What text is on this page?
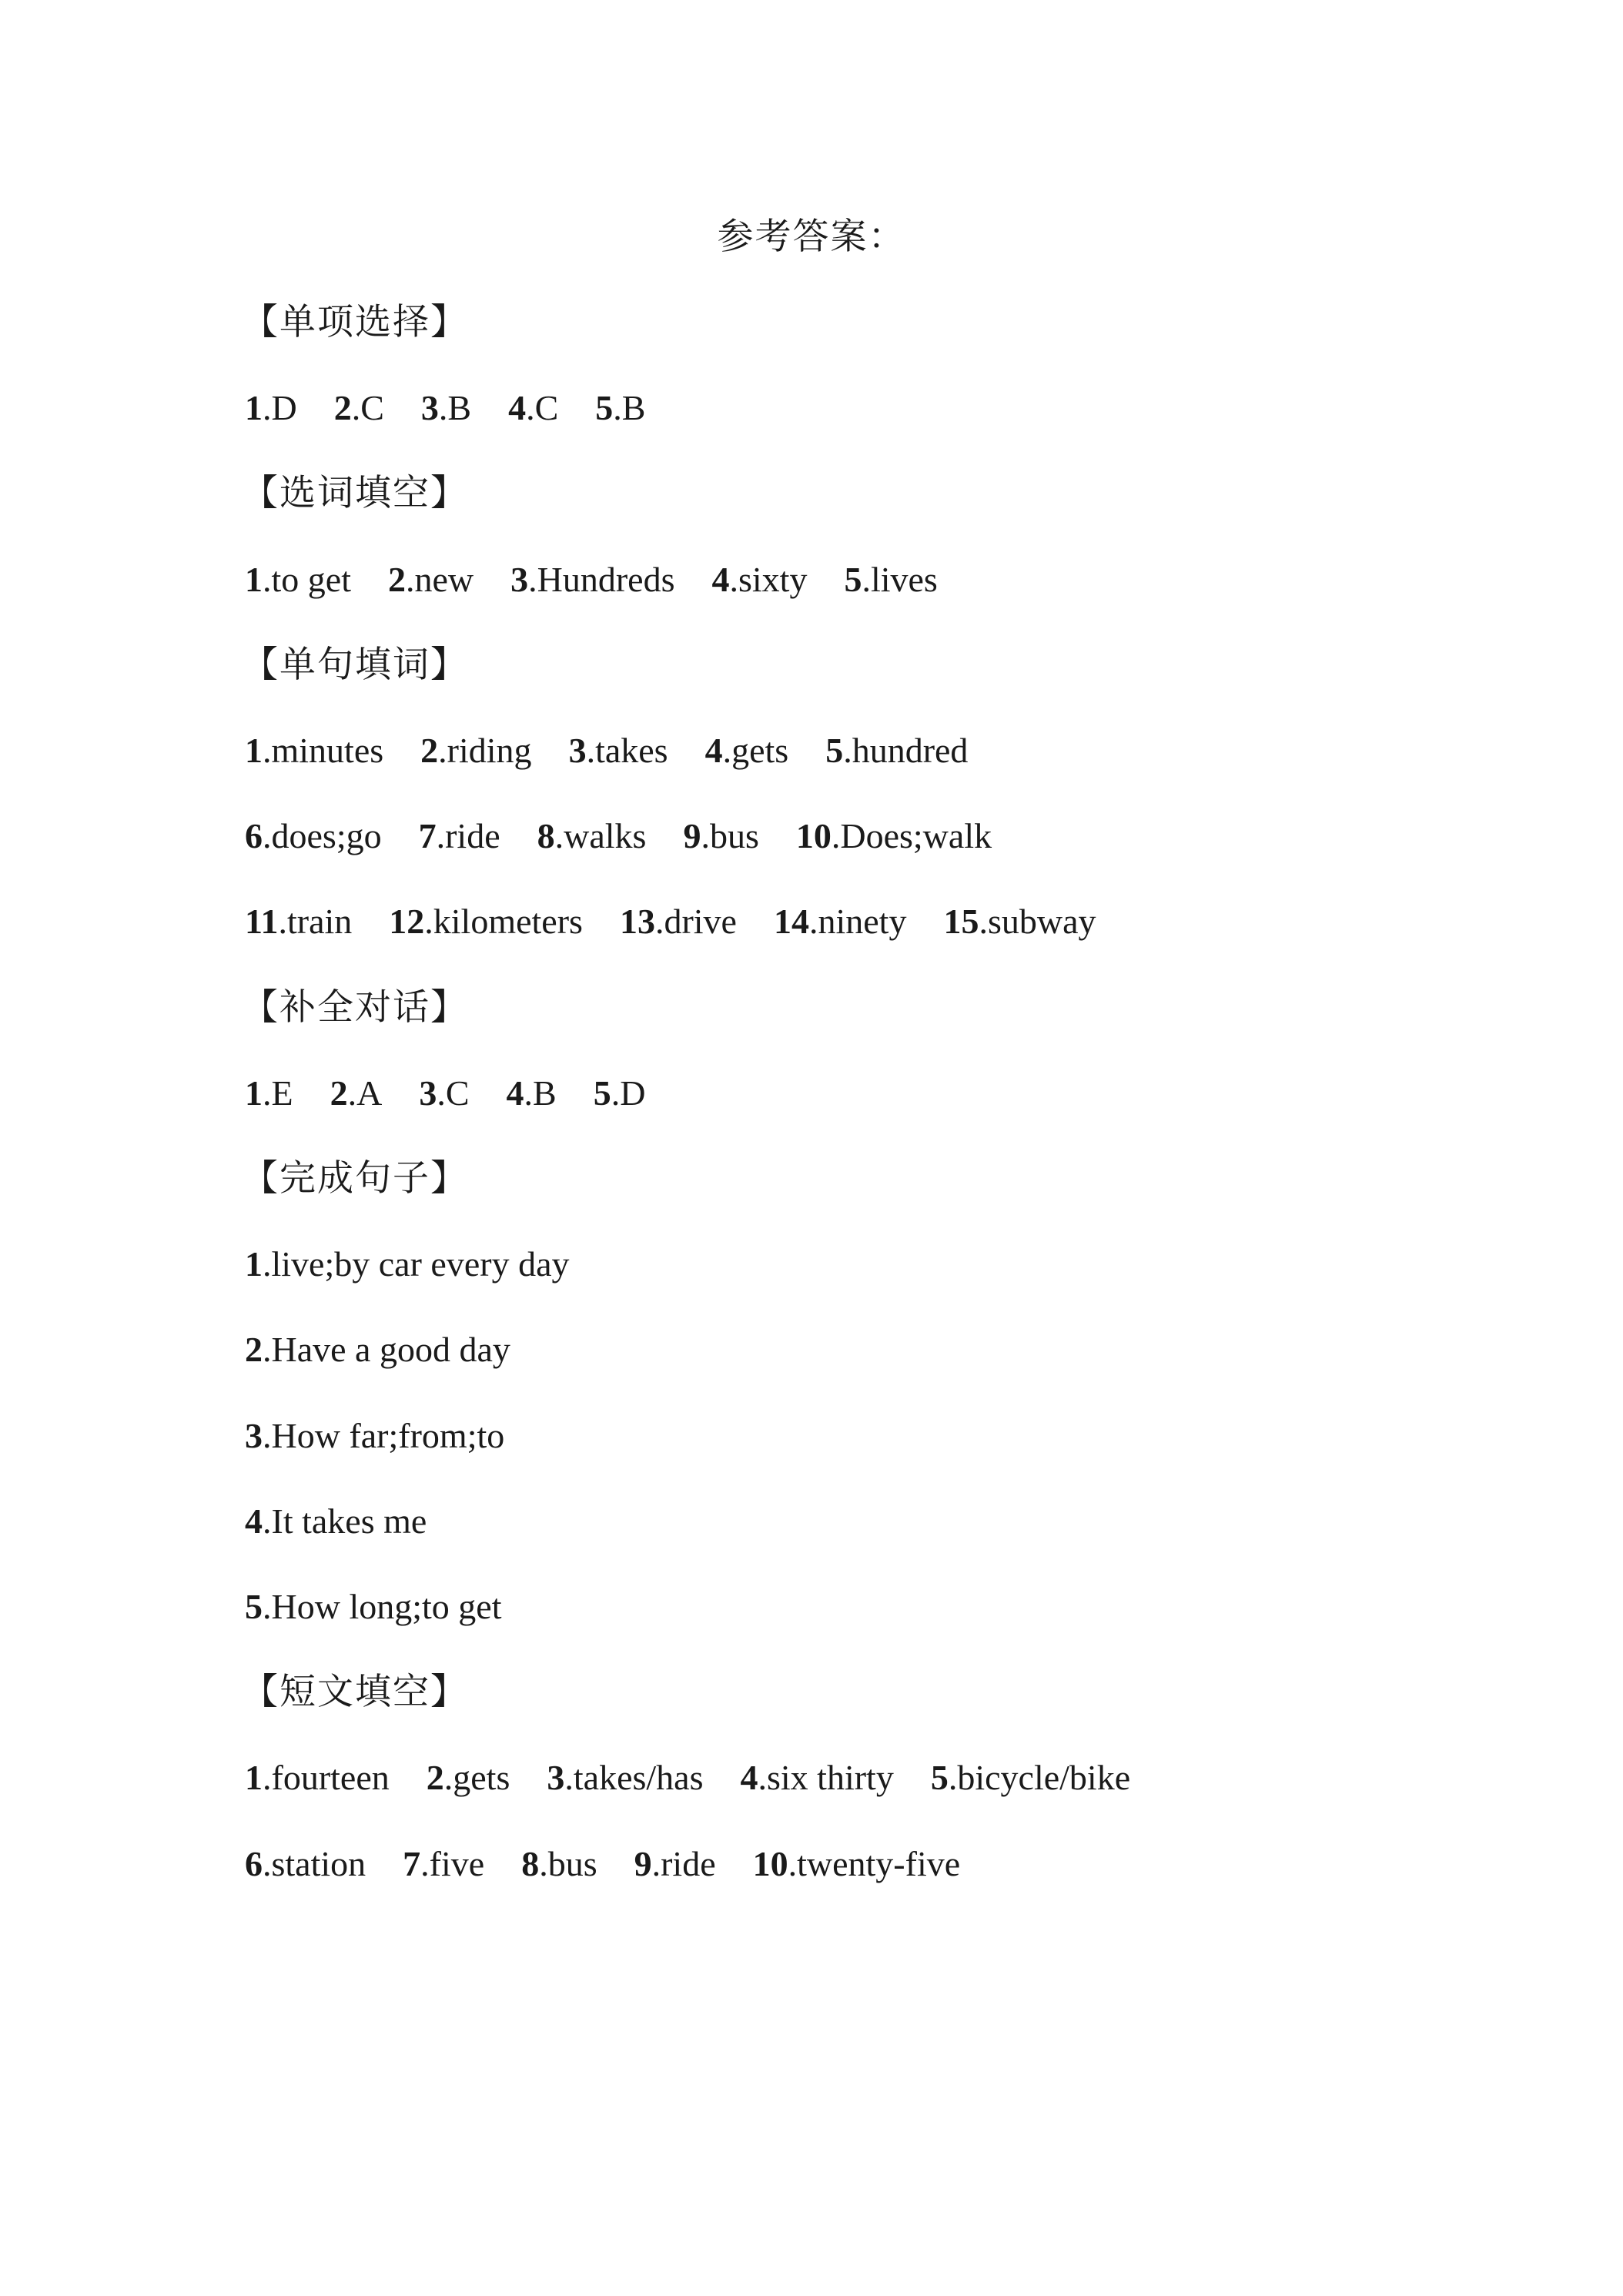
参考答案：
【单项选择】
1.D 2.C 3.B 4.C 5.B
【选词填空】
1.to get 2.new 3.Hundreds 4.sixty 5.lives
【单句填词】
1.minutes 2.riding 3.takes 4.gets 5.hundred
6.does;go 7.ride 8.walks 9.bus 10.Does;walk
11.train 12.kilometers 13.drive 14.ninety 15.subway
【补全对话】
1.E 2.A 3.C 4.B 5.D
【完成句子】
1.live;by car every day
2.Have a good day
3.How far;from;to
4.It takes me
5.How long;to get
【短文填空】
1.fourteen 2.gets 3.takes/has 4.six thirty 5.bicycle/bike
6.station 7.five 8.bus 9.ride 10.twenty-five
